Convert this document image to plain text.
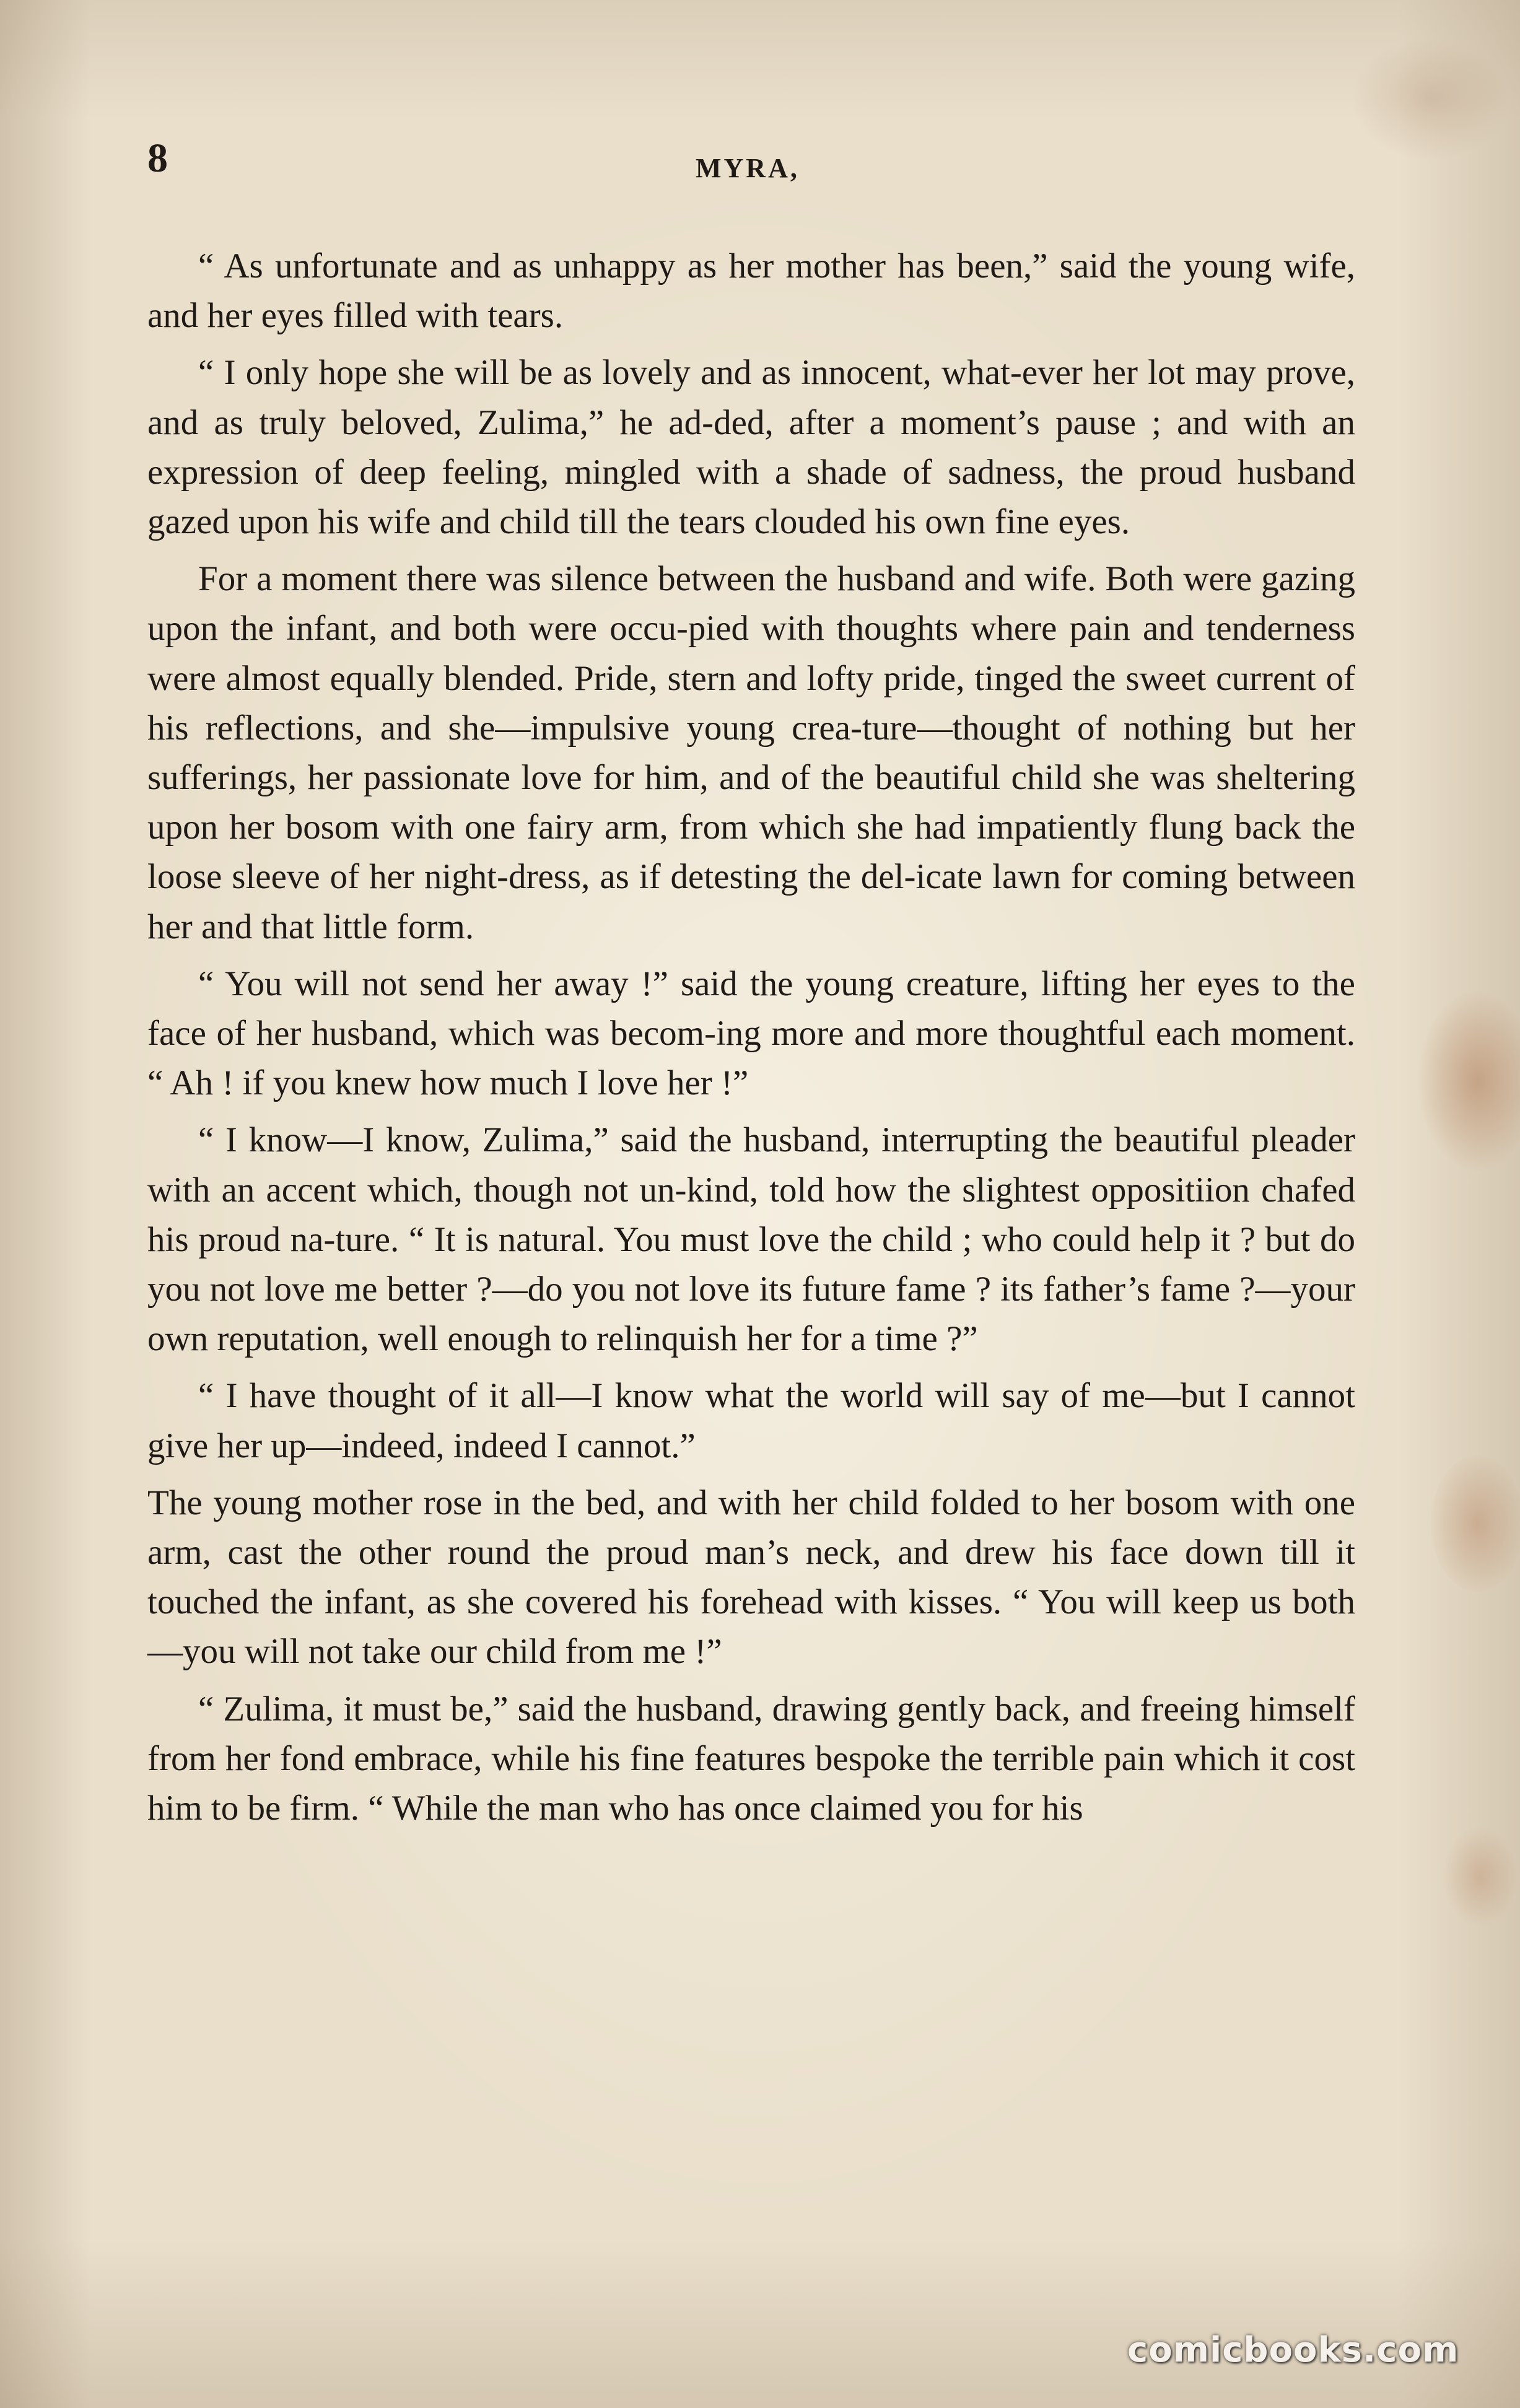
8	MYRA,

“ As unfortunate and as unhappy as her mother has been,” said the young wife, and her eyes filled with tears.

“ I only hope she will be as lovely and as innocent, what-ever her lot may prove, and as truly beloved, Zulima,” he ad-ded, after a moment’s pause ; and with an expression of deep feeling, mingled with a shade of sadness, the proud husband gazed upon his wife and child till the tears clouded his own fine eyes.

For a moment there was silence between the husband and wife. Both were gazing upon the infant, and both were occu-pied with thoughts where pain and tenderness were almost equally blended. Pride, stern and lofty pride, tinged the sweet current of his reflections, and she—impulsive young crea-ture—thought of nothing but her sufferings, her passionate love for him, and of the beautiful child she was sheltering upon her bosom with one fairy arm, from which she had impatiently flung back the loose sleeve of her night-dress, as if detesting the del-icate lawn for coming between her and that little form.

“ You will not send her away !” said the young creature, lifting her eyes to the face of her husband, which was becom-ing more and more thoughtful each moment. “ Ah ! if you knew how much I love her !”

“ I know—I know, Zulima,” said the husband, interrupting the beautiful pleader with an accent which, though not un-kind, told how the slightest oppositiion chafed his proud na-ture. “ It is natural. You must love the child ; who could help it ? but do you not love me better ?—do you not love its future fame ? its father’s fame ?—your own reputation, well enough to relinquish her for a time ?”

“ I have thought of it all—I know what the world will say of me—but I cannot give her up—indeed, indeed I cannot.”

The young mother rose in the bed, and with her child folded to her bosom with one arm, cast the other round the proud man’s neck, and drew his face down till it touched the infant, as she covered his forehead with kisses. “ You will keep us both—you will not take our child from me !”

“ Zulima, it must be,” said the husband, drawing gently back, and freeing himself from her fond embrace, while his fine features bespoke the terrible pain which it cost him to be firm. “ While the man who has once claimed you for his

comicbooks.com
